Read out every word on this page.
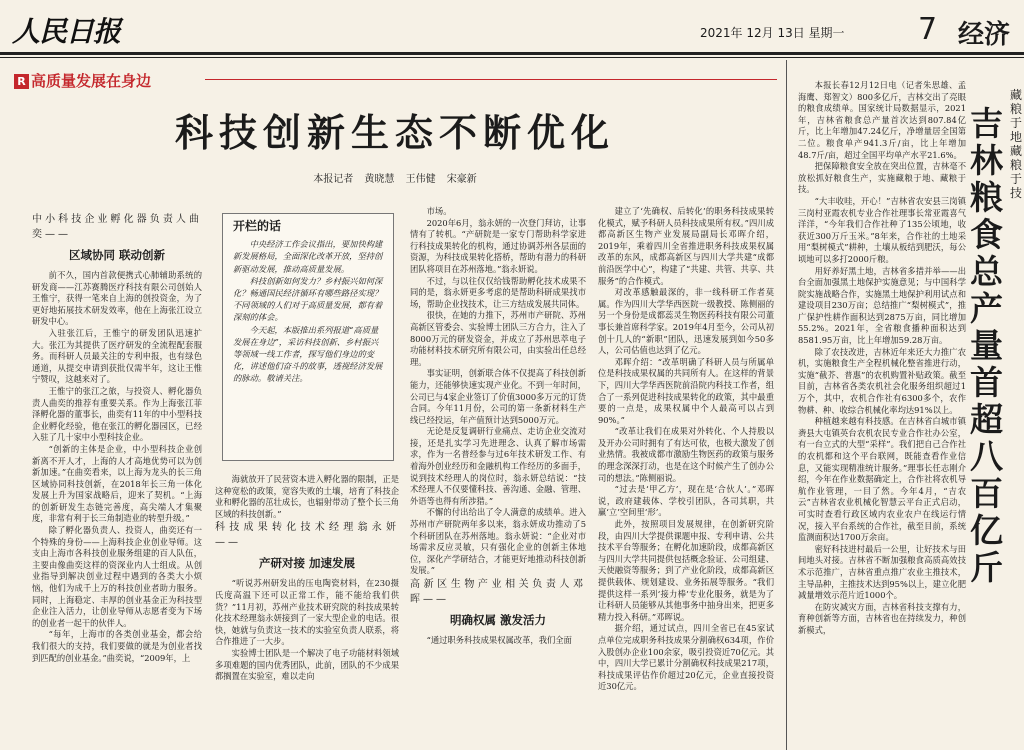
人民日报	2021年 12月 13日 星期一 7 经济
R 高质量发展在身边
科技创新生态不断优化
本报记者 黄晓慧 王伟健 宋豪新

中小科技企业孵化器负责人曲奕——

区域协同 联动创新

前不久，国内首款便携式心肺辅助系统的研发商——江苏赛腾医疗科技有限公司创始人王惟宁，获得一笔来自上海的创投资金，为了更好地拓展技术研发效率，他在上海张江设立研发中心。

入驻张江后，王惟宁的研发团队迅速扩大。张江为其提供了医疗研发的全流程配套服务。而科研人员最关注的专利申报，也有绿色通道，从提交申请到获批仅需半年，这让王惟宁赞叹，这越来对了。

王惟宁的张江之旅，与投资人、孵化器负责人曲奕的推荐有重要关系。作为上海张江菲泽孵化器的董事长，曲奕有11年的中小型科技企业孵化经验，他在张江的孵化器园区，已经入驻了几十家中小型科技企业。

“创新的主体是企业，中小型科技企业创新离不开人才，上海的人才高地优势可以为创新加速。”在曲奕看来，以上海为龙头的长三角区域协同科技创新，在2018年长三角一体化发展上升为国家战略后，迎来了契机。“上海的创新研发生态链完善度，高尖端人才集聚度，非常有利于长三角制造业的转型升级。”

除了孵化器负责人、投资人，曲奕还有一个特殊的身份——上海科技企业创业导师。这支由上海市各科技创业服务组建的百人队伍，主要由像曲奕这样的资深业内人士组成。从创业指导到解决创业过程中遇到的各类大小烦恼，他们为成千上万的科技创业者助力服务。同时，上海稳定、丰厚的创业基金正为科技型企业注入活力，让创业导师从志愿者变为下场的创业者一起干的伙伴人。

“每年，上海市的各类创业基金，都会给我们很大的支持，我们要做的就是为创业者找到匹配的创业基金。”曲奕说，“2009年，上

开栏的话

中央经济工作会议指出，要加快构建新发展格局，全面深化改革开放，坚持创新驱动发展，推动高质量发展。

科技创新如何发力？乡村振兴如何深化？畅通国民经济循环有哪些路径实现？不同领域的人们对于高质量发展，都有着深刻的体会。

今天起，本版推出系列报道“高质量发展在身边”，采访科技创新、乡村振兴等领域一线工作者，探写他们身边的变化，讲述他们奋斗的故事，透视经济发展的脉动。敬请关注。

海就放开了民营资本进入孵化器的限制，正是这种宽松的政策，宽容失败的土壤，培育了科技企业和孵化器的茁壮成长，也辐射带动了整个长三角区域的科技创新。”

科技成果转化技术经理翁永妍——

产研对接 加速发展

“听说苏州研发出的压电陶瓷材料，在230摄氏度高温下还可以正常工作，能不能给我们供货？”11月初，苏州产业技术研究院的科技成果转化技术经理翁永妍接到了一家大型企业的电话。很快，她就与负责这一技术的实验室负责人联系，将合作推进了一大步。

实验博士团队是一个解决了电子功能材料领域多项难题的国内优秀团队，此前，团队的不少成果都搁置在实验室，难以走向

市场。

2020年6月，翁永妍的一次登门拜访，让事情有了转机。“产研院是一家专门帮助科学家进行科技成果转化的机构，通过协调苏州各层面的资源，为科技成果转化搭桥，帮助有潜力的科研团队将项目在苏州落地。”翁永妍说。

不过，与以往仅仅给钱帮助孵化技术成果不同的是，翁永妍更多考虑的是帮助科研成果找市场，帮助企业找技术，让三方结成发展共同体。

很快，在她的力推下，苏州市产研院、苏州高新区管委会、实验博士团队三方合力，注入了8000万元的研发资金，并成立了苏州思萃电子功能材料技术研究所有限公司，由实验出任总经理。

事实证明，创新联合体不仅提高了科技创新能力，还能够快速实现产业化。不到一年时间，公司已与4家企业签订了价值3000多万元的订货合同。今年11月份，公司的第一条新材料生产线已经投运，年产值预计达到5000万元。

无论是反复调研行业痛点、走访企业交流对接，还是扎实学习先进理念、认真了解市场需求，作为一名普经参与过6年技术研发工作、有着海外创业经历和金融机构工作经历的多面手，说到技术经理人的岗位时，翁永妍总结说：“技术经理人不仅要懂科技、善沟通、金融、管理、外语等也得有所涉猎。”

不懈的付出给出了令人满意的成绩单。进入苏州市产研院两年多以来，翁永妍成功推动了5个科研团队在苏州落地。翁永妍说：“企业对市场需求反应灵敏，只有强化企业的创新主体地位，深化产学研结合，才能更好地推动科技创新发展。”

高新区生物产业相关负责人邓晖——

明确权属 激发活力

“通过职务科技成果权属改革，我们全面

建立了‘先确权、后转化’的职务科技成果转化模式，赋予科研人员科技成果所有权。”四川成都高新区生物产业发展局副局长邓晖介绍，2019年，乘着四川全省推进职务科技成果权属改革的东风，成都高新区与四川大学共建“成都前沿医学中心”，构建了“共建、共管、共享、共服务”的合作模式。

对改革感触最深的，非一线科研工作者莫属。作为四川大学华西医院一级教授、陈侧丽的另一个身份是成都蕊灵生物医药科技有限公司董事长兼首席科学家。2019年4月至今，公司从初创十几人的“新职”团队，迅速发展到如今50多人，公司估值也达到了亿元。

邓晖介绍：“改革明确了科研人员与所属单位是科技成果权属的共同所有人。在这样的背景下，四川大学华西医院前沿院内科技工作者，组合了一系列促进科技成果转化的政策，其中最重要的一点是，成果权属中个人最高可以占到90%。”

“改革让我们在成果对外转化、个人持股以及开办公司时拥有了有达可依，也极大激发了创业热情。我被成都市激励生物医药的政策与服务的理念深深打动，也是在这个时候产生了创办公司的想法。”陈侧丽说。

“过去是‘甲乙方’，现在是‘合伙人’。”邓晖说，政府建载体、学校引团队，各司其职，共赢‘立’空间里‘形’。

此外，按照项目发展规律，在创新研究阶段，由四川大学提供课题申报、专利申请、公共技术平台等服务；在孵化加速阶段，成都高新区与四川大学共同提供包括概念验证、公司组建、天使融资等服务；到了产业化阶段，成都高新区提供载体、规划建设、业务拓展等服务。“我们提供这样一系列‘接力棒’专业化服务，就是为了让科研人员能够从其他事务中抽身出来，把更多精力投入科研。”邓晖说。

据介绍，通过试点，四川全省已在45家试点单位完成职务科技成果分割确权634项，作价入股创办企业100余家，吸引投资近70亿元。其中，四川大学已累计分割确权科技成果217项，科技成果评估作价超过20亿元，企业直接投资近30亿元。

本报长春12月12日电（记者朱思雄、孟海鹰、郑智文）800多亿斤，吉林交出了亮眼的粮食成绩单。国家统计局数据显示，2021年，吉林省粮食总产量首次达到807.84亿斤，比上年增加47.24亿斤，净增量居全国第二位。粮食单产941.3斤/亩，比上年增加48.7斤/亩，超过全国平均单产水平21.6%。

把保障粮食安全放在突出位置，吉林毫不放松抓好粮食生产，实施藏粮于地、藏粮于技。

“大丰收哇，开心！”吉林省农安县三岗镇三岗村亚霞农机专业合作社理事长常亚霞喜气洋洋，“今年我们合作社种了135公顷地，收获近300万斤玉米。”8年来，合作社的土地采用“梨树模式”耕种，土壤从板结到肥沃，每公顷地可以多打2000斤粮。

用好养好黑土地，吉林省多措并举——出台全面加强黑土地保护实施意见；与中国科学院实施战略合作，实施黑土地保护利用试点和建设项目230万亩；总结推广“梨树模式”，推广保护性耕作面积达到2875万亩，同比增加55.2%。2021年，全省粮食播种面积达到8581.95万亩，比上年增加59.28万亩。

除了农技改进，吉林近年来还大力推广农机，实施粮食生产全程机械化整省推进行动，实施“截芥、普惠”的农机购置补贴政策。截至目前，吉林省各类农机社会化服务组织超过1万个，其中，农机合作社有6300多个，农作物耕、种、收综合机械化率均达91%以上。

种植越来越有科技感。在吉林省白城市镇赉县大屯镇英台农机农民专业合作社办公室，有一台立式的大型“采样”。我们把自己合作社的农机都和这个平台联网，既能查看作业信息，又能实现精准统计服务。”理事长任志刚介绍，今年在作业数据确定上，合作社将农机导航作业管理，一目了然。今年4月，“吉农云”吉林省农业机械化智慧云平台正式启动，可实时查看行政区域内农业农户在线运行情况，接入平台系统的合作社，截至目前，系统监测面积达1700万余亩。

密好科技进村最后一公里，让好技术与田间地头对接。吉林省不断加强粮食高质高效技术示范推广，吉林省重点推广农业主推技术，主导品种，主推技术达到95%以上，建立化肥减量增效示范片近1000个。

在防灾减灾方面，吉林省科技支撑有力，育种创新等方面，吉林省也在持续发力，种创新模式，

藏粮于地 藏粮于技
吉林粮食总产量首超八百亿斤
